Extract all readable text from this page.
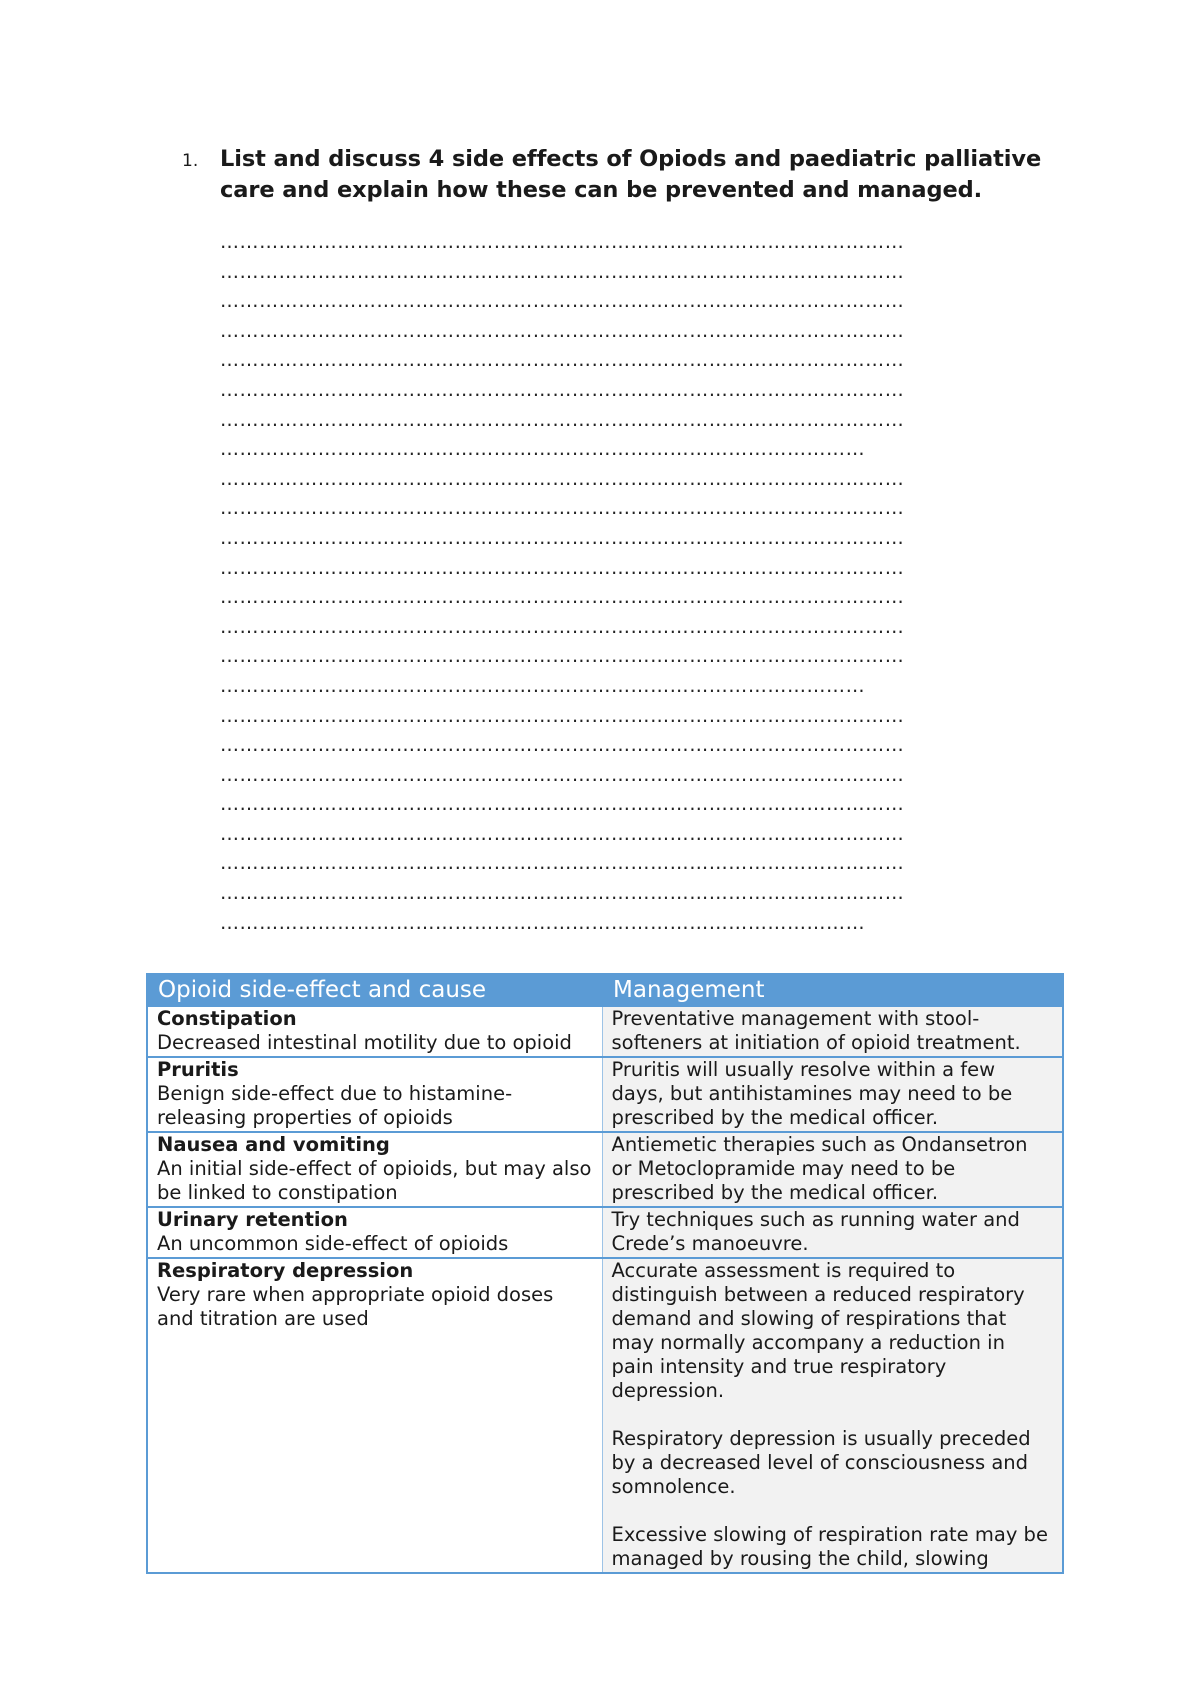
1. List and discuss 4 side effects of Opiods and paediatric palliative care and explain how these can be prevented and managed.
……………………………………………………………………………………………
……………………………………………………………………………………………
……………………………………………………………………………………………
……………………………………………………………………………………………
……………………………………………………………………………………………
……………………………………………………………………………………………
……………………………………………………………………………………………
………………………………………………………………………………………
……………………………………………………………………………………………
……………………………………………………………………………………………
……………………………………………………………………………………………
……………………………………………………………………………………………
……………………………………………………………………………………………
……………………………………………………………………………………………
……………………………………………………………………………………………
………………………………………………………………………………………
……………………………………………………………………………………………
……………………………………………………………………………………………
……………………………………………………………………………………………
……………………………………………………………………………………………
……………………………………………………………………………………………
……………………………………………………………………………………………
……………………………………………………………………………………………
………………………………………………………………………………………
Opioid side-effect and cause	Management

Constipation
Decreased intestinal motility due to opioid	Preventative management with stool-softeners at initiation of opioid treatment.

Pruritis
Benign side-effect due to histamine-releasing properties of opioids	Pruritis will usually resolve within a few days, but antihistamines may need to be prescribed by the medical officer.

Nausea and vomiting
An initial side-effect of opioids, but may also be linked to constipation	Antiemetic therapies such as Ondansetron or Metoclopramide may need to be prescribed by the medical officer.

Urinary retention
An uncommon side-effect of opioids	Try techniques such as running water and Crede’s manoeuvre.

Respiratory depression
Very rare when appropriate opioid doses and titration are used	Accurate assessment is required to distinguish between a reduced respiratory demand and slowing of respirations that may normally accompany a reduction in pain intensity and true respiratory depression.
Respiratory depression is usually preceded by a decreased level of consciousness and somnolence.
Excessive slowing of respiration rate may be managed by rousing the child, slowing
